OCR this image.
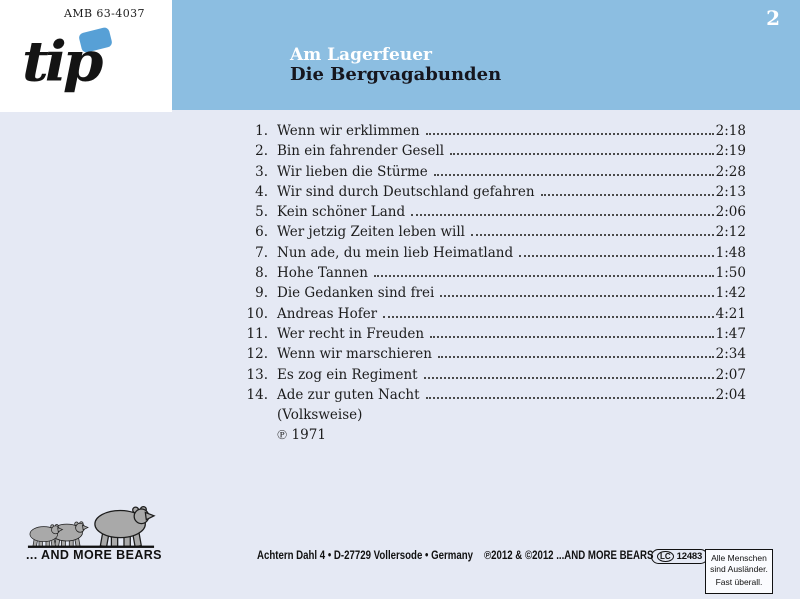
AMB 63-4037
tip
2
Am Lagerfeuer
Die Bergvagabunden
1. Wenn wir erklimmen	2:18
2. Bin ein fahrender Gesell	2:19
3. Wir lieben die Stürme	2:28
4. Wir sind durch Deutschland gefahren	2:13
5. Kein schöner Land	2:06
6. Wer jetzig Zeiten leben will	2:12
7. Nun ade, du mein lieb Heimatland	1:48
8. Hohe Tannen	1:50
9. Die Gedanken sind frei	1:42
10. Andreas Hofer	4:21
11. Wer recht in Freuden	1:47
12. Wenn wir marschieren	2:34
13. Es zog ein Regiment	2:07
14. Ade zur guten Nacht	2:04
(Volksweise)
℗ 1971
... AND MORE BEARS	Achtern Dahl 4 • D-27729 Vollersode • Germany ℗2012 & ©2012 ...AND MORE BEARS LC 12483	Alle Menschen
sind Ausländer.
Fast überall.
